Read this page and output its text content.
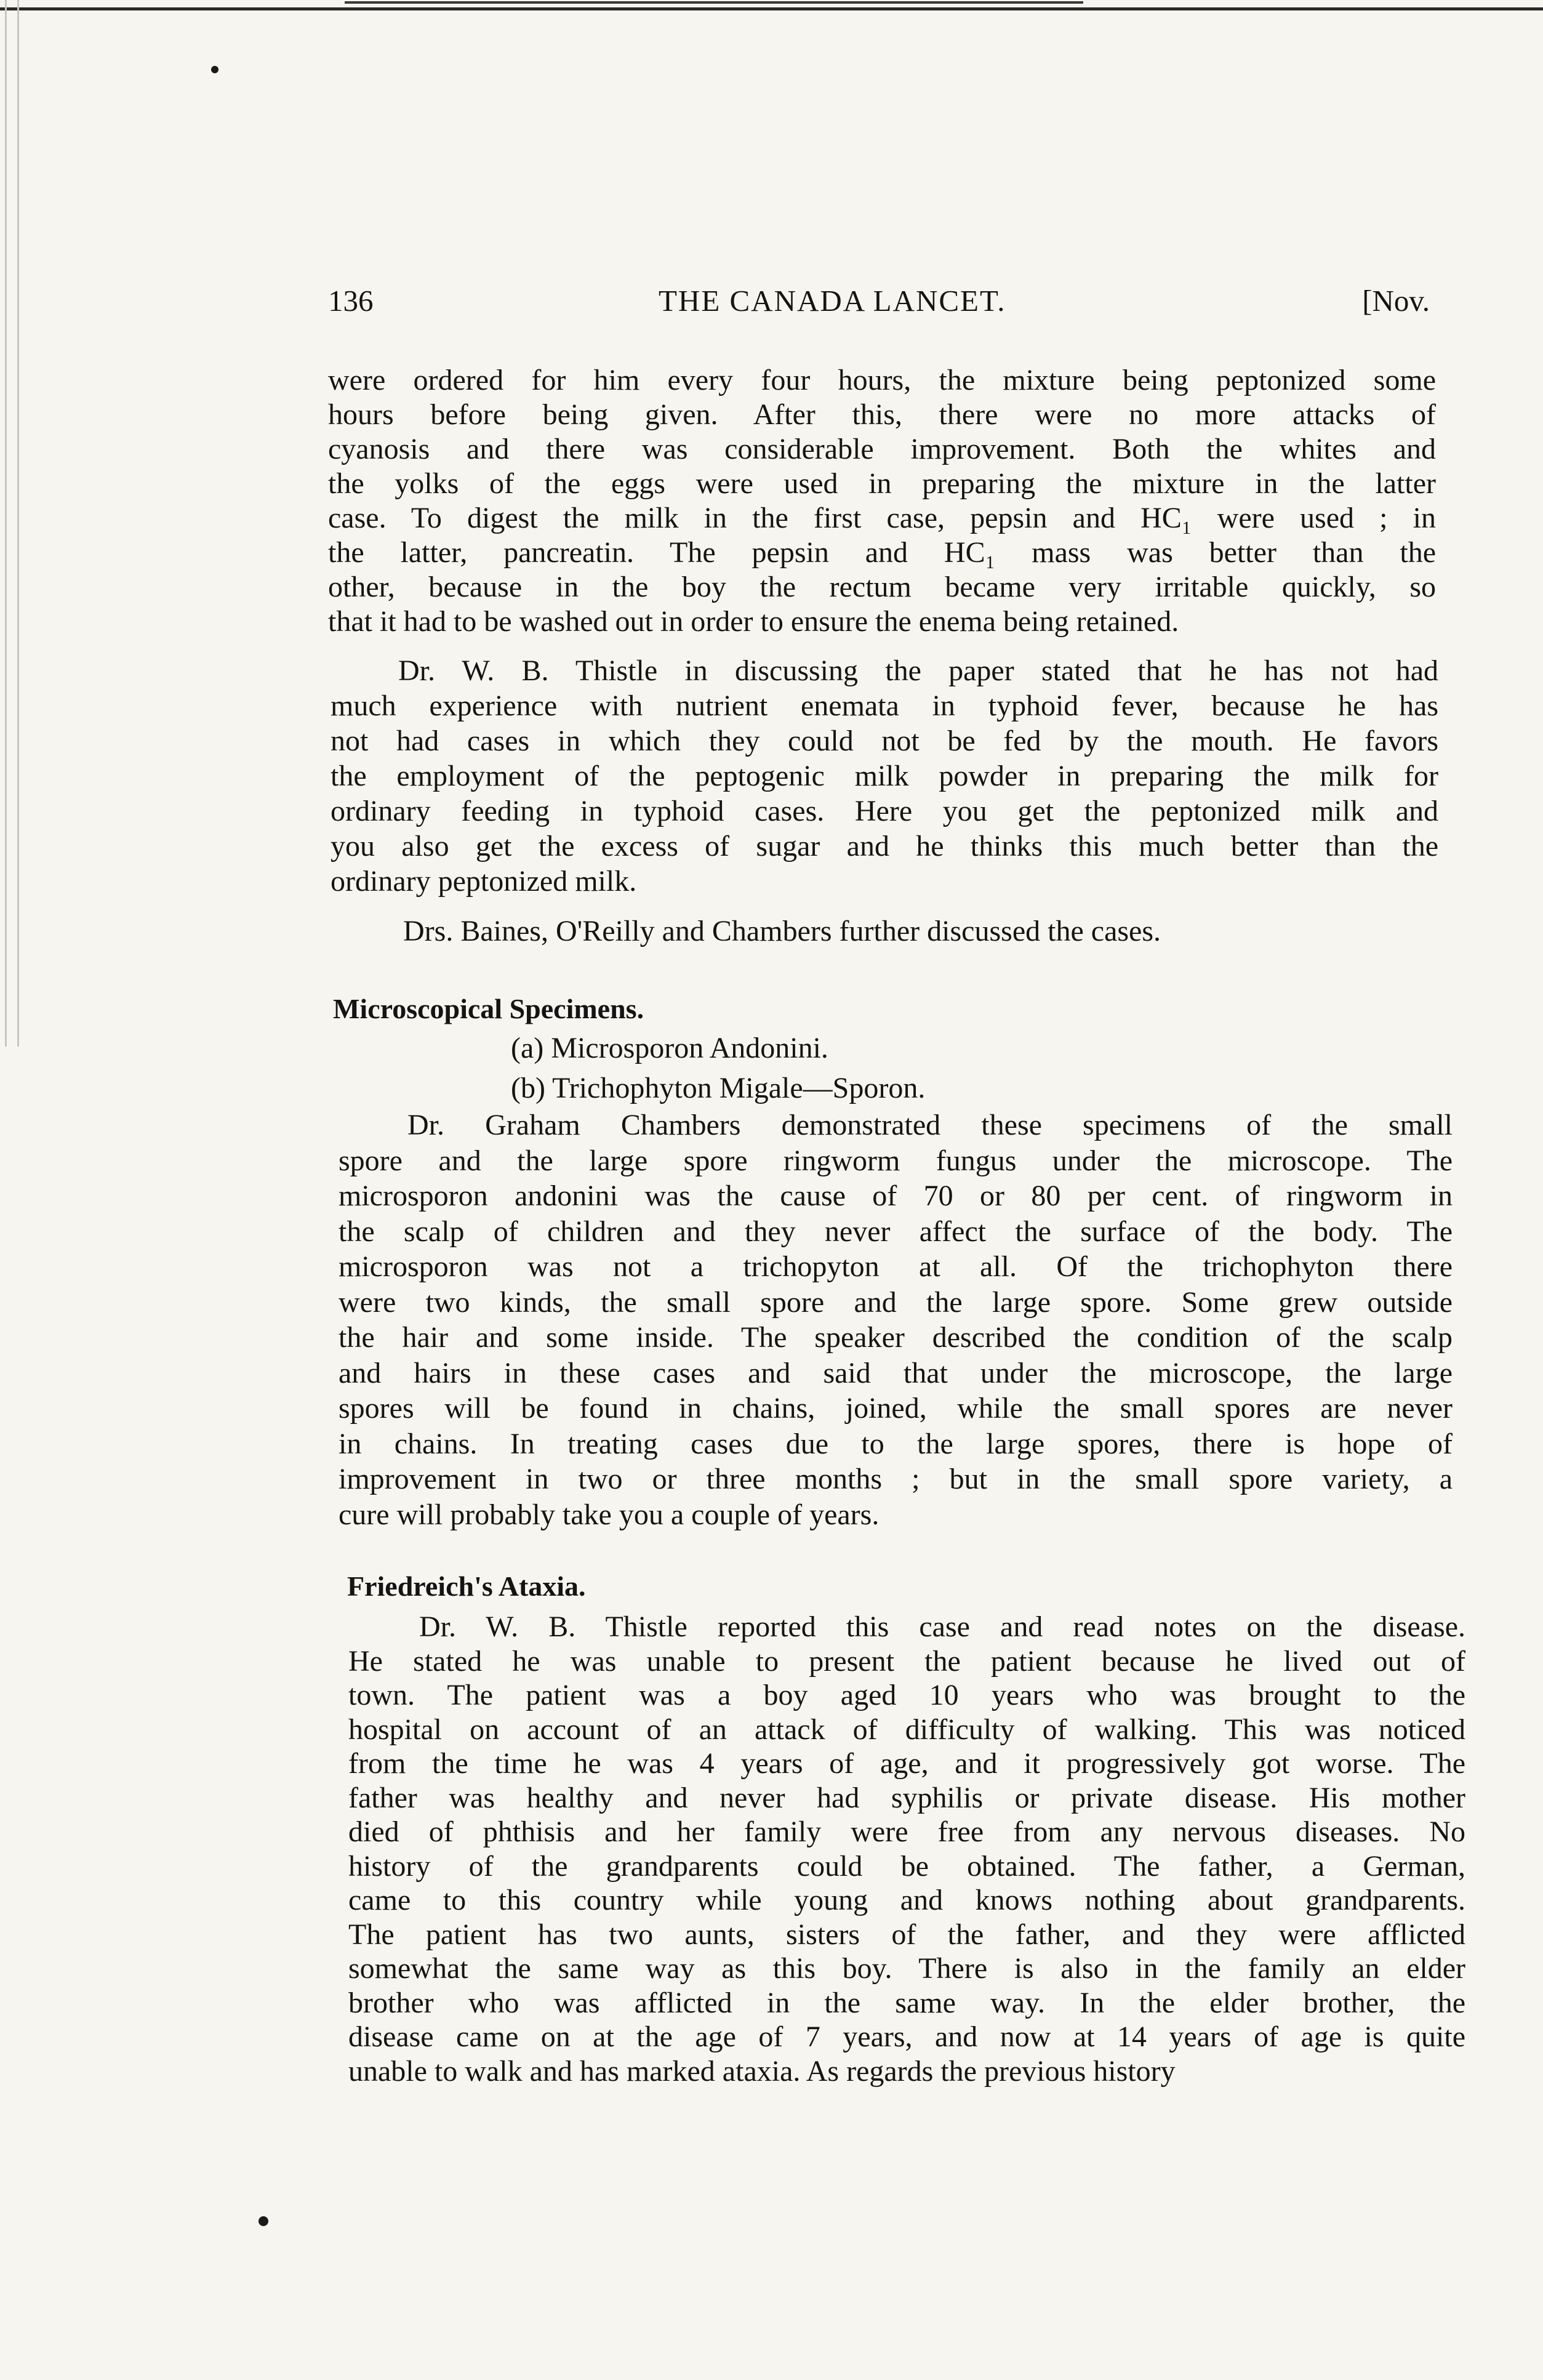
136	THE CANADA LANCET.	[Nov.
were ordered for him every four hours, the mixture being peptonized some
hours before being given. After this, there were no more attacks of
cyanosis and there was considerable improvement. Both the whites and
the yolks of the eggs were used in preparing the mixture in the latter
case. To digest the milk in the first case, pepsin and HC₁ were used ; in
the latter, pancreatin. The pepsin and HC₁ mass was better than the
other, because in the boy the rectum became very irritable quickly, so
that it had to be washed out in order to ensure the enema being retained.
Dr. W. B. Thistle in discussing the paper stated that he has not had
much experience with nutrient enemata in typhoid fever, because he has
not had cases in which they could not be fed by the mouth. He favors
the employment of the peptogenic milk powder in preparing the milk for
ordinary feeding in typhoid cases. Here you get the peptonized milk and
you also get the excess of sugar and he thinks this much better than the
ordinary peptonized milk.
Drs. Baines, O'Reilly and Chambers further discussed the cases.
Microscopical Specimens.
(a) Microsporon Andonini.
(b) Trichophyton Migale—Sporon.
Dr. Graham Chambers demonstrated these specimens of the small
spore and the large spore ringworm fungus under the microscope. The
microsporon andonini was the cause of 70 or 80 per cent. of ringworm in
the scalp of children and they never affect the surface of the body. The
microsporon was not a trichopyton at all. Of the trichophyton there
were two kinds, the small spore and the large spore. Some grew outside
the hair and some inside. The speaker described the condition of the scalp
and hairs in these cases and said that under the microscope, the large
spores will be found in chains, joined, while the small spores are never
in chains. In treating cases due to the large spores, there is hope of
improvement in two or three months ; but in the small spore variety, a
cure will probably take you a couple of years.
Friedreich's Ataxia.
Dr. W. B. Thistle reported this case and read notes on the disease.
He stated he was unable to present the patient because he lived out of
town. The patient was a boy aged 10 years who was brought to the
hospital on account of an attack of difficulty of walking. This was noticed
from the time he was 4 years of age, and it progressively got worse. The
father was healthy and never had syphilis or private disease. His mother
died of phthisis and her family were free from any nervous diseases. No
history of the grandparents could be obtained. The father, a German,
came to this country while young and knows nothing about grandparents.
The patient has two aunts, sisters of the father, and they were afflicted
somewhat the same way as this boy. There is also in the family an elder
brother who was afflicted in the same way. In the elder brother, the
disease came on at the age of 7 years, and now at 14 years of age is quite
unable to walk and has marked ataxia. As regards the previous history
